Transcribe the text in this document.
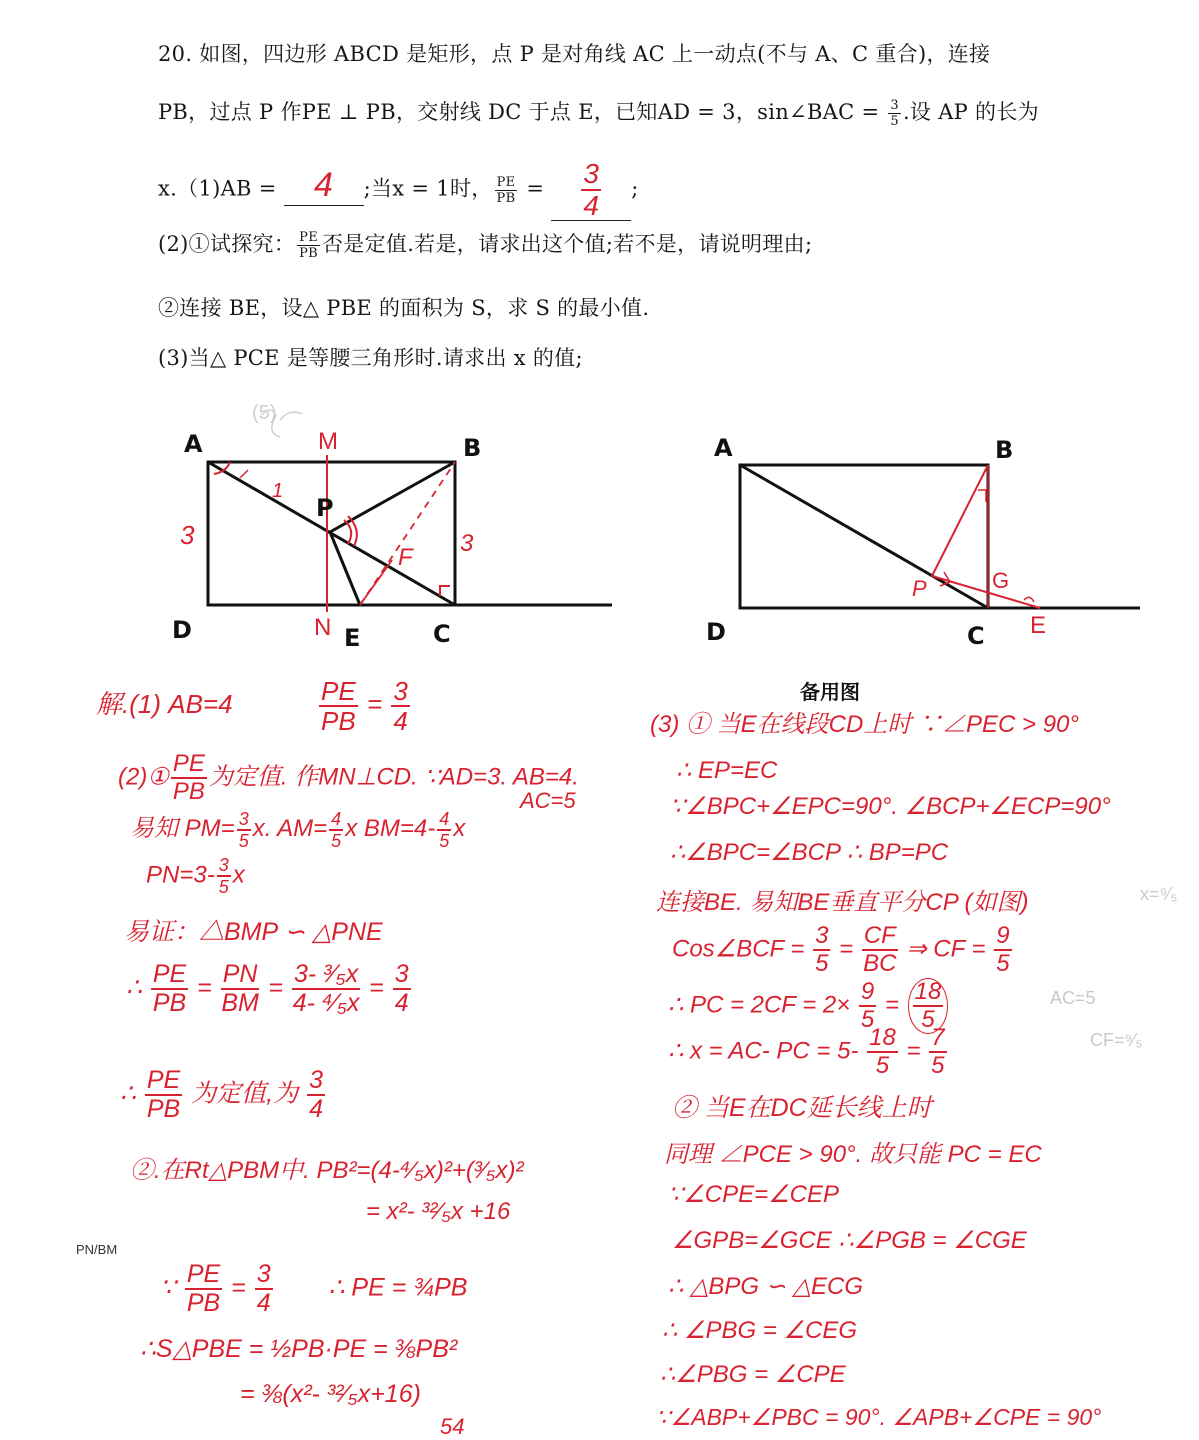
20. 如图，四边形 ABCD 是矩形，点 P 是对角线 AC 上一动点(不与 A、C 重合)，连接
PB，过点 P 作PE ⊥ PB，交射线 DC 于点 E，已知AD = 3，sin∠BAC = $\frac{3}{5}$ .设 AP 的长为
x.（1)AB = 4 ;当x = 1时， $\frac{PE}{PB} = \frac{3}{4}$ ;
(2)①试探究： $\frac{PE}{PB}$ 否是定值.若是，请求出这个值;若不是，请说明理由;
②连接 BE，设△ PBE 的面积为 S，求 S 的最小值.
(3)当△ PCE 是等腰三角形时.请求出 x 的值;
A	B
C
D
P
E
M
N
F
3	3
1
A	B
C
D
P
E
G
备用图
解.(1) AB=4	$\frac{PE}{PB} = \frac{3}{4}$
(2)① $\frac{PE}{PB}$ 为定值. 作MN⊥CD. ∵AD=3. AB=4.
AC=5
易知 $PM= \frac{3}{5} x$. $AM= \frac{4}{5}$ x $BM=4- \frac{4}{5}$ x
$PN=3- \frac{3}{5}$ x
易证：△BMP ∽ △PNE
∴ $\frac{PE}{PB} = \frac{PN}{BM} = \frac{\text{3- ³⁄₅x}}{\text{4- ⁴⁄₅x}} = \frac{3}{4}$
∴ $\frac{PE}{PB}$ 为定值,为 $\frac{3}{4}$
②.在Rt△PBM中. PB²=(4-⁴⁄₅x)²+(³⁄₅x)²
= x²- ³²⁄₅x +16
PN/BM
∵ $\frac{PE}{PB} = \frac{3}{4}$ ∴ PE = ¾PB
∴S△PBE = ½PB·PE = ⅜PB²
= ⅜(x²- ³²⁄₅x+16)
54
(3) ① 当E在线段CD上时 ∵∠PEC > 90°
∴ EP=EC
∵∠BPC+∠EPC=90°. ∠BCP+∠ECP=90°
∴∠BPC=∠BCP ∴ BP=PC
连接BE. 易知BE垂直平分CP (如图)
Cos∠BCF = $\frac{3}{5} = \frac{CF}{BC}$ ⇒ CF = $\frac{9}{5}$
∴ PC = $2CF = 2\times \frac{9}{5} = \frac{18}{5}$
∴ x = AC- PC = $5- \frac{18}{5} = \frac{7}{5}$
② 当E在DC延长线上时
同理 ∠PCE > 90°. 故只能 PC = EC
∵∠CPE=∠CEP
∠GPB=∠GCE ∴∠PGB = ∠CGE
∴ △BPG ∽ △ECG
∴ ∠PBG = ∠CEG
∴∠PBG = ∠CPE
∵∠ABP+∠PBC = 90°. ∠APB+∠CPE = 90°
x=⁹⁄₅
AC=5
CF=⁹⁄₅
(5)
